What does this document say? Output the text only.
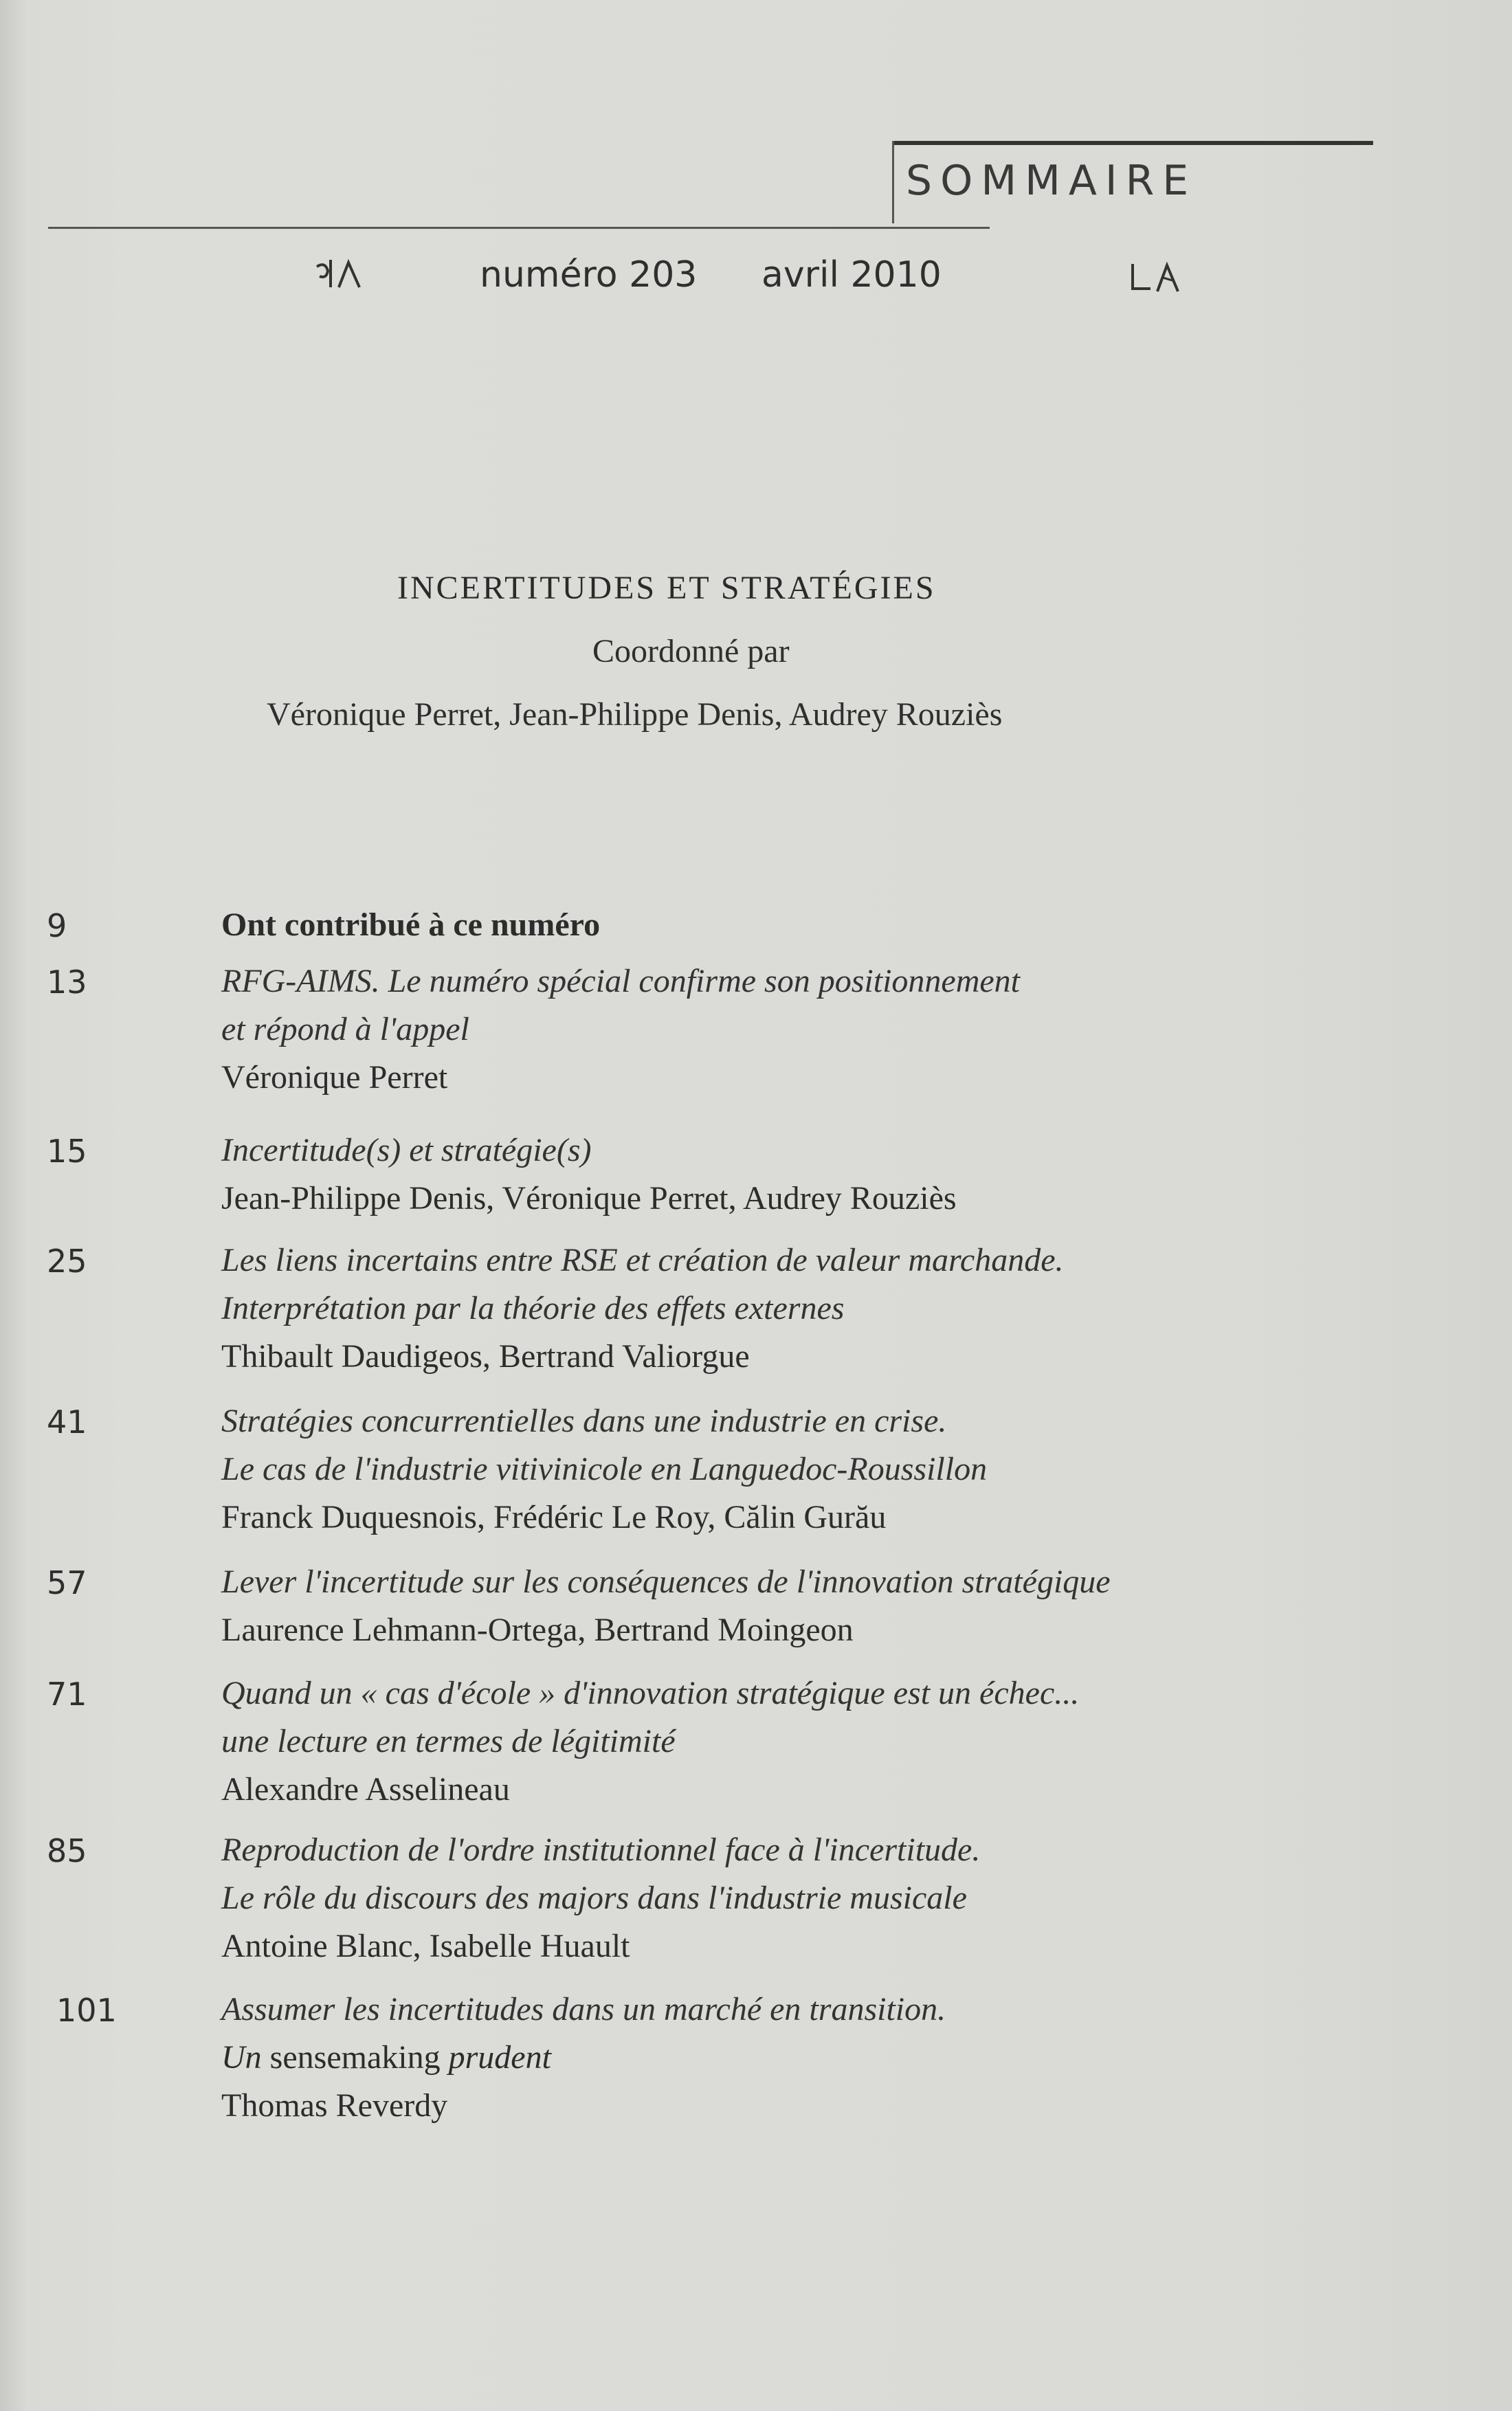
SOMMAIRE
numéro 203 avril 2010
INCERTITUDES ET STRATÉGIES
Coordonné par
Véronique Perret, Jean-Philippe Denis, Audrey Rouziès
9	Ont contribué à ce numéro
13	RFG-AIMS. Le numéro spécial confirme son positionnement
et répond à l'appel
Véronique Perret
15	Incertitude(s) et stratégie(s)
Jean-Philippe Denis, Véronique Perret, Audrey Rouziès
25	Les liens incertains entre RSE et création de valeur marchande.
Interprétation par la théorie des effets externes
Thibault Daudigeos, Bertrand Valiorgue
41	Stratégies concurrentielles dans une industrie en crise.
Le cas de l'industrie vitivinicole en Languedoc-Roussillon
Franck Duquesnois, Frédéric Le Roy, Călin Gurău
57	Lever l'incertitude sur les conséquences de l'innovation stratégique
Laurence Lehmann-Ortega, Bertrand Moingeon
71	Quand un « cas d'école » d'innovation stratégique est un échec...
une lecture en termes de légitimité
Alexandre Asselineau
85	Reproduction de l'ordre institutionnel face à l'incertitude.
Le rôle du discours des majors dans l'industrie musicale
Antoine Blanc, Isabelle Huault
101	Assumer les incertitudes dans un marché en transition.
Un sensemaking prudent
Thomas Reverdy
